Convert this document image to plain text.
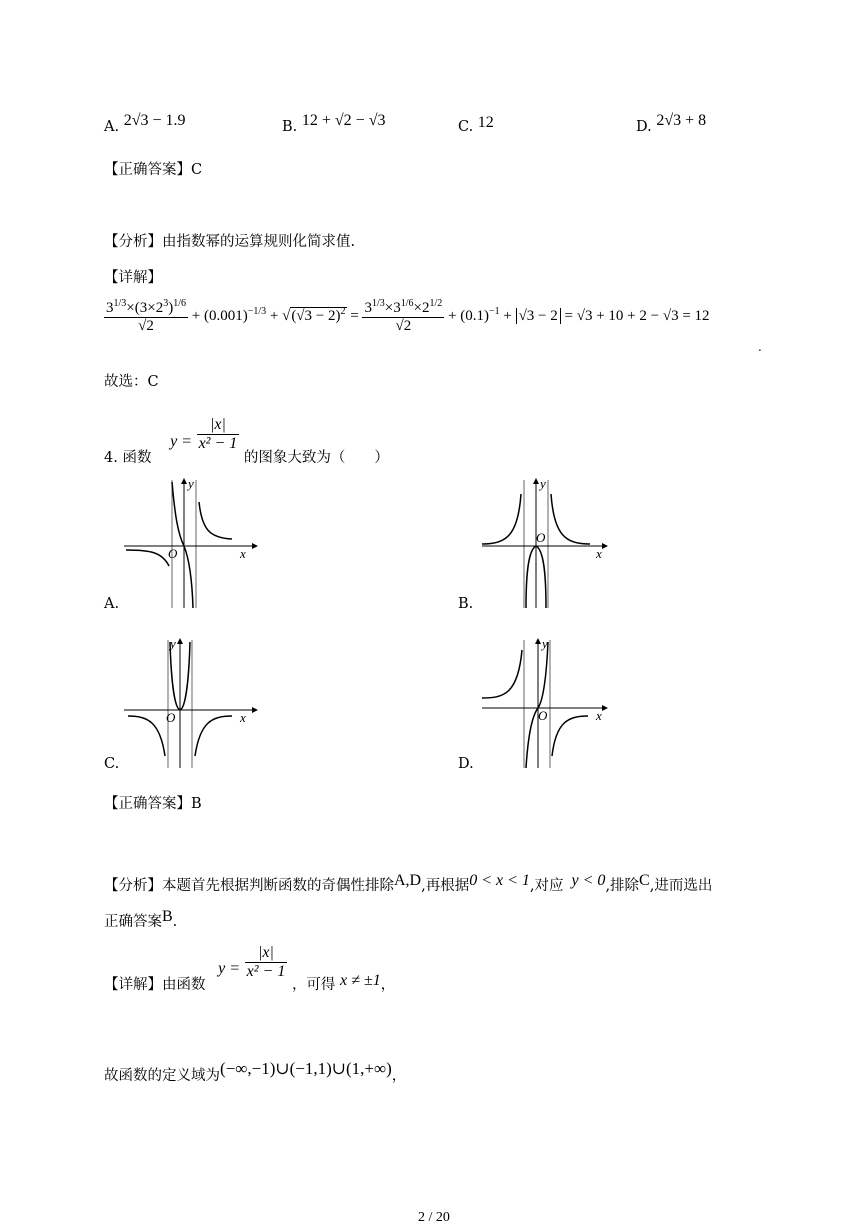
A. 2√3 − 1.9	B. 12 + √2 − √3	C. 12	D. 2√3 + 8
【正确答案】C
【分析】由指数幂的运算规则化简求值.
【详解】
$\frac{3^{1/3}\times(3\times 2^3)^{1/6}}{√2} + (0.001)^{-1/3} + √(√3 - 2)^2 = \frac{3^{1/3}\times 3^{1/6}\times 2^{1/2}}{√2} + (0.1)^{-1} + √3 - 2 = √3 + 10 + 2 - √3 = 12$
.
故选：C
4. 函数 $y = \frac{|x|}{\text{x² − 1}}$
的图象大致为（　　）
x
y
O
A.
x
y
O
B.
x
y
O
C.
x
y
O
D.
【正确答案】B
【分析】本题首先根据判断函数的奇偶性排除A,D,再根据0 < x < 1,对应 y < 0,排除C,进而选出
正确答案B.
【详解】由函数 $y = \frac{|x|}{\text{x² − 1}}$
，可得 x ≠ ±1，
故函数的定义域为(−∞,−1)∪(−1,1)∪(1,+∞)，
2 / 20
